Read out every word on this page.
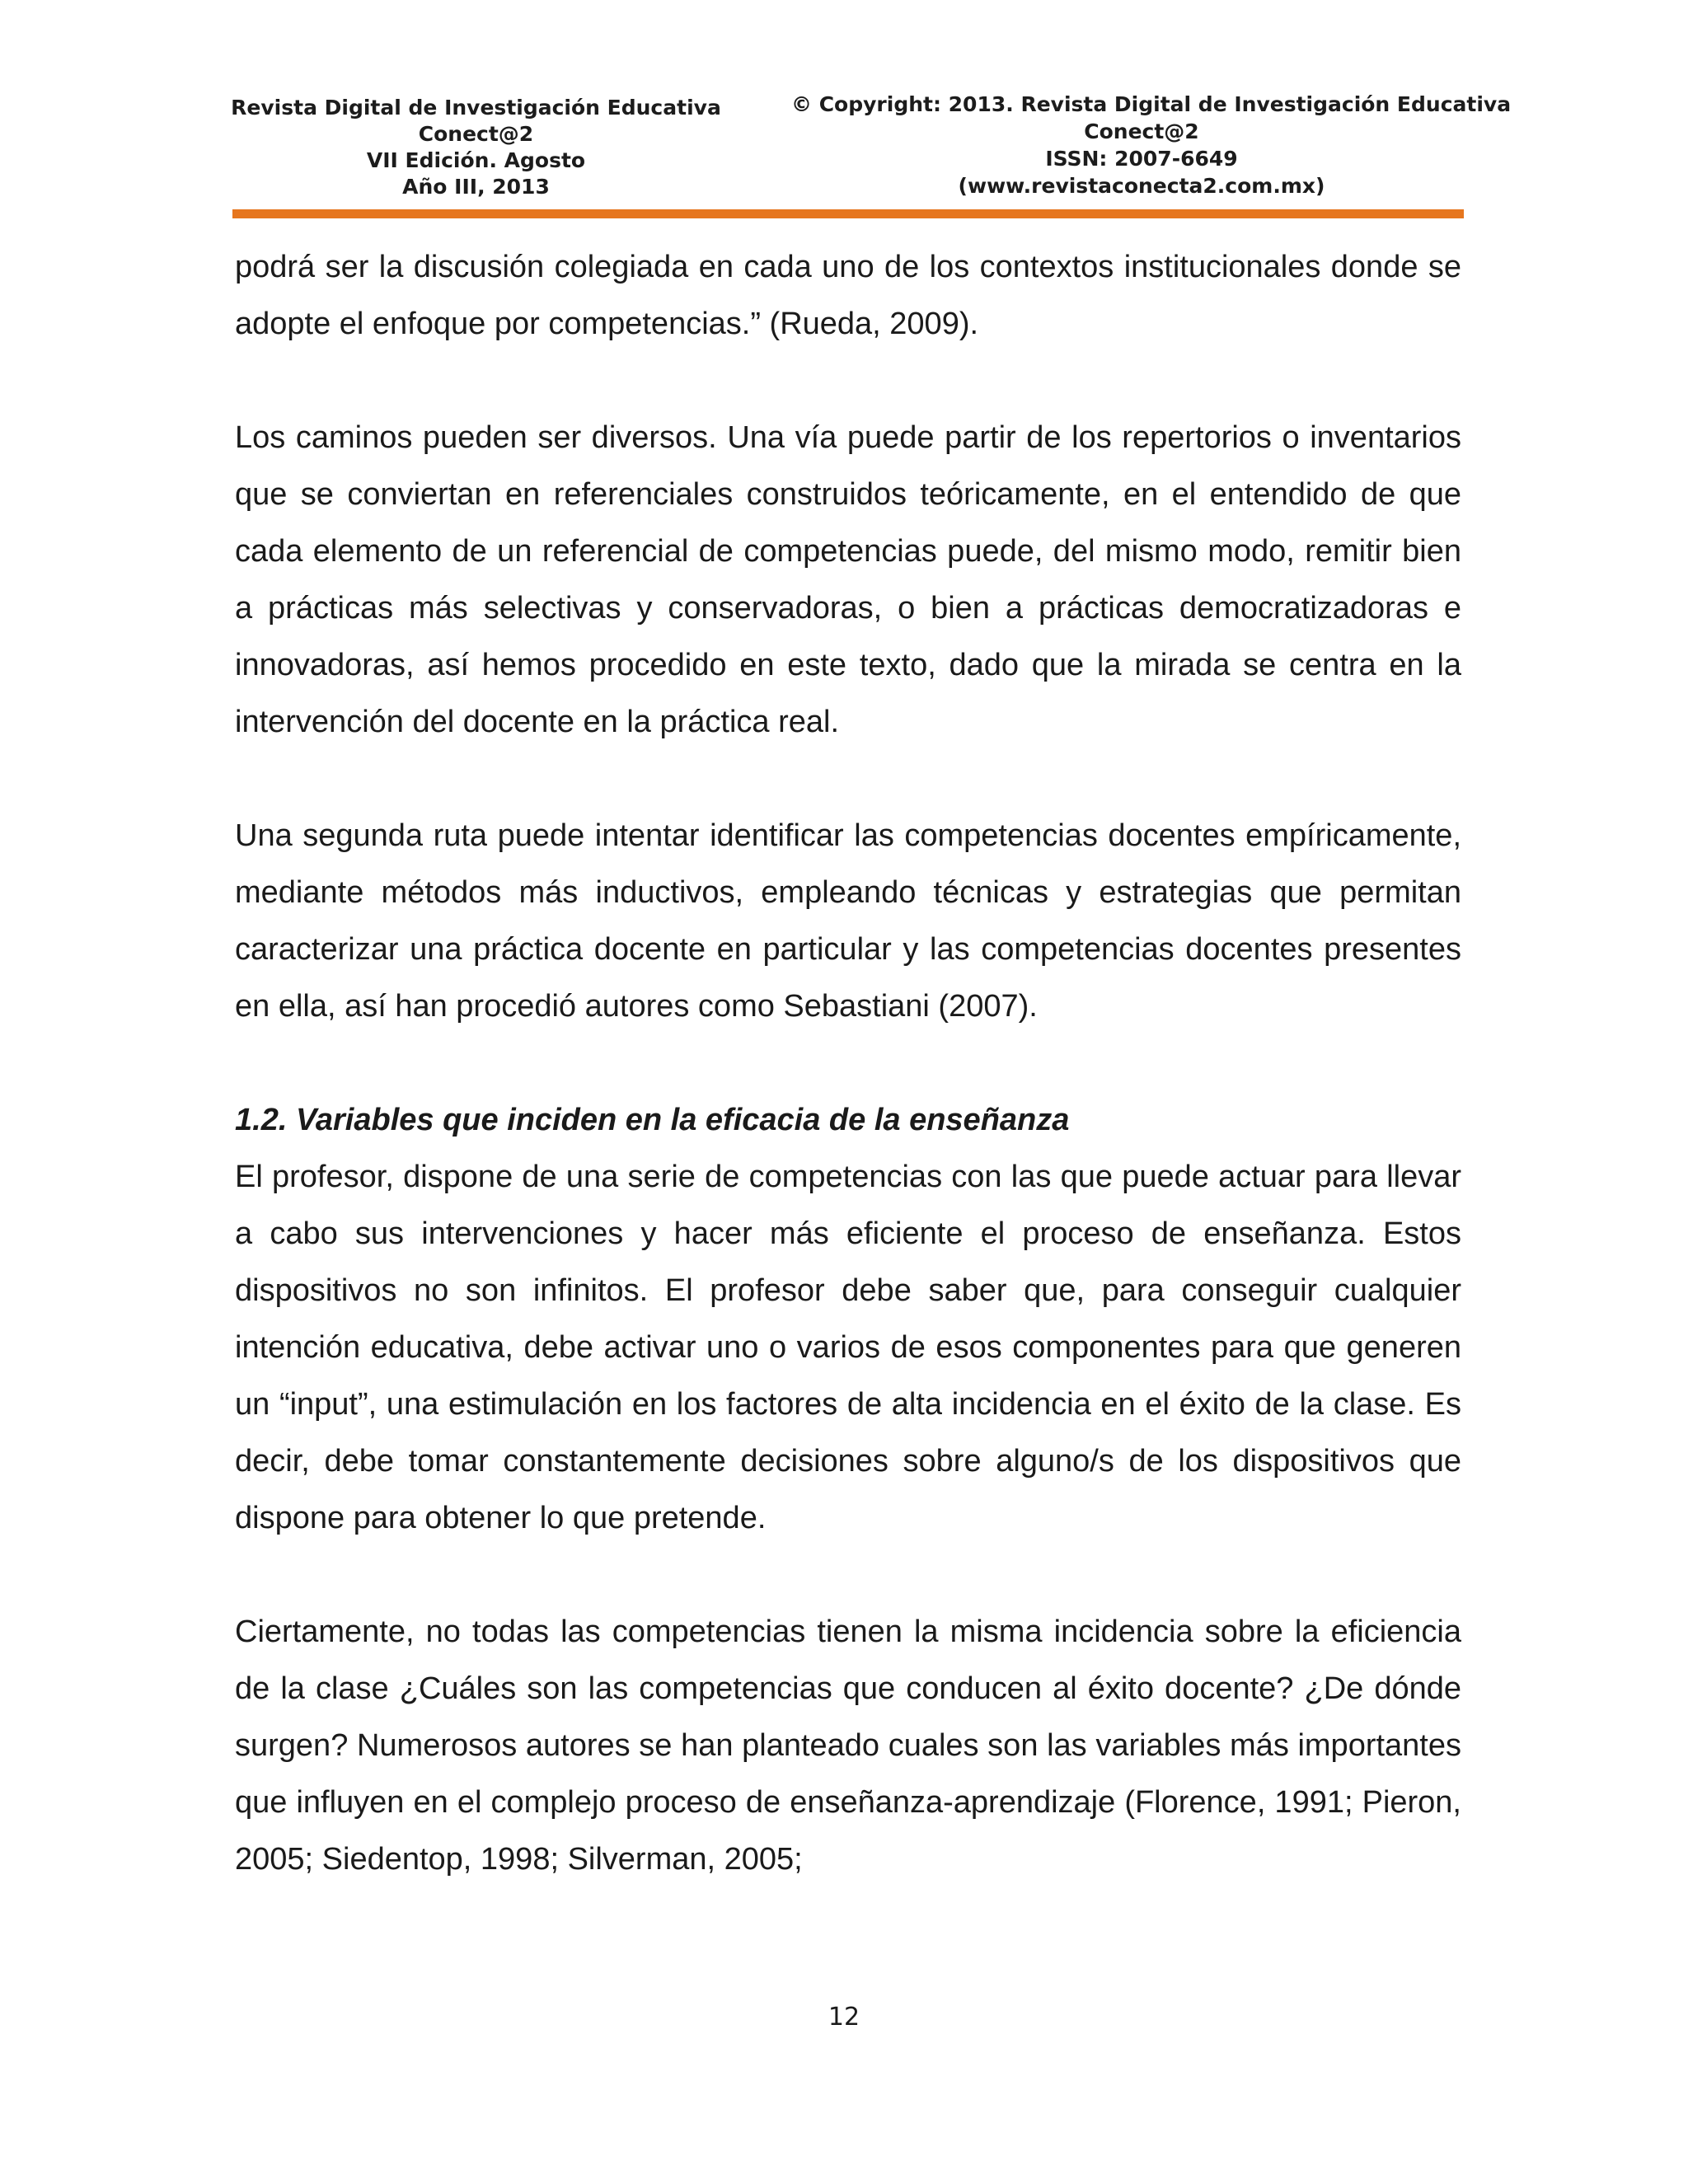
Revista Digital de Investigación Educativa
Conect@2
VII Edición. Agosto
Año III, 2013
© Copyright: 2013. Revista Digital de Investigación Educativa
Conect@2
ISSN: 2007-6649
(www.revistaconecta2.com.mx)

podrá ser la discusión colegiada en cada uno de los contextos institucionales donde se adopte el enfoque por competencias.” (Rueda, 2009).

Los caminos pueden ser diversos. Una vía puede partir de los repertorios o inventarios que se conviertan en referenciales construidos teóricamente, en el entendido de que cada elemento de un referencial de competencias puede, del mismo modo, remitir bien a prácticas más selectivas y conservadoras, o bien a prácticas democratizadoras e innovadoras, así hemos procedido en este texto, dado que la mirada se centra en la intervención del docente en la práctica real.

Una segunda ruta puede intentar identificar las competencias docentes empíricamente, mediante métodos más inductivos, empleando técnicas y estrategias que permitan caracterizar una práctica docente en particular y las competencias docentes presentes en ella, así han procedió autores como Sebastiani (2007).

1.2. Variables que inciden en la eficacia de la enseñanza

El profesor, dispone de una serie de competencias con las que puede actuar para llevar a cabo sus intervenciones y hacer más eficiente el proceso de enseñanza. Estos dispositivos no son infinitos. El profesor debe saber que, para conseguir cualquier intención educativa, debe activar uno o varios de esos componentes para que generen un “input”, una estimulación en los factores de alta incidencia en el éxito de la clase. Es decir, debe tomar constantemente decisiones sobre alguno/s de los dispositivos que dispone para obtener lo que pretende.

Ciertamente, no todas las competencias tienen la misma incidencia sobre la eficiencia de la clase ¿Cuáles son las competencias que conducen al éxito docente? ¿De dónde surgen? Numerosos autores se han planteado cuales son las variables más importantes que influyen en el complejo proceso de enseñanza-aprendizaje (Florence, 1991; Pieron, 2005; Siedentop, 1998; Silverman, 2005;

12
